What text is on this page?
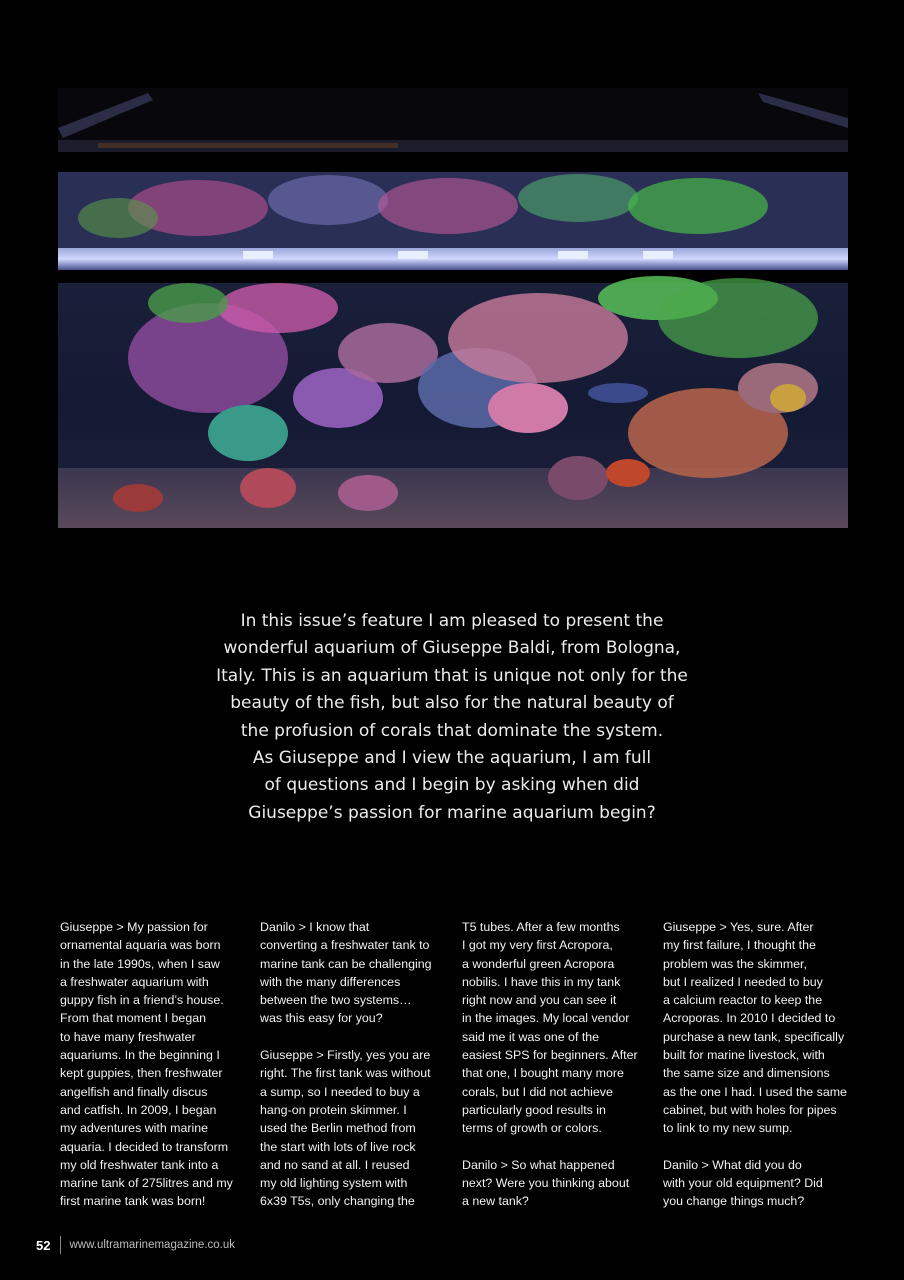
In this issue’s feature I am pleased to present the

wonderful aquarium of Giuseppe Baldi, from Bologna,

Italy. This is an aquarium that is unique not only for the

beauty of the fish, but also for the natural beauty of

the profusion of corals that dominate the system.

As Giuseppe and I view the aquarium, I am full

of questions and I begin by asking when did

Giuseppe’s passion for marine aquarium begin?

Giuseppe > My passion for

ornamental aquaria was born

in the late 1990s, when I saw

a freshwater aquarium with

guppy fish in a friend’s house.

From that moment I began

to have many freshwater

aquariums. In the beginning I

kept guppies, then freshwater

angelfish and finally discus

and catfish. In 2009, I began

my adventures with marine

aquaria. I decided to transform

my old freshwater tank into a

marine tank of 275litres and my

first marine tank was born!

Danilo > I know that

converting a freshwater tank to

marine tank can be challenging

with the many differences

between the two systems…

was this easy for you?

Giuseppe > Firstly, yes you are

right. The first tank was without

a sump, so I needed to buy a

hang-on protein skimmer. I

used the Berlin method from

the start with lots of live rock

and no sand at all. I reused

my old lighting system with

6x39 T5s, only changing the

T5 tubes. After a few months

I got my very first Acropora,

a wonderful green Acropora

nobilis. I have this in my tank

right now and you can see it

in the images. My local vendor

said me it was one of the

easiest SPS for beginners. After

that one, I bought many more

corals, but I did not achieve

particularly good results in

terms of growth or colors.

Danilo > So what happened

next? Were you thinking about

a new tank?

Giuseppe > Yes, sure. After

my first failure, I thought the

problem was the skimmer,

but I realized I needed to buy

a calcium reactor to keep the

Acroporas. In 2010 I decided to

purchase a new tank, specifically

built for marine livestock, with

the same size and dimensions

as the one I had. I used the same

cabinet, but with holes for pipes

to link to my new sump.

Danilo > What did you do

with your old equipment? Did

you change things much?

52 www.ultramarinemagazine.co.uk
